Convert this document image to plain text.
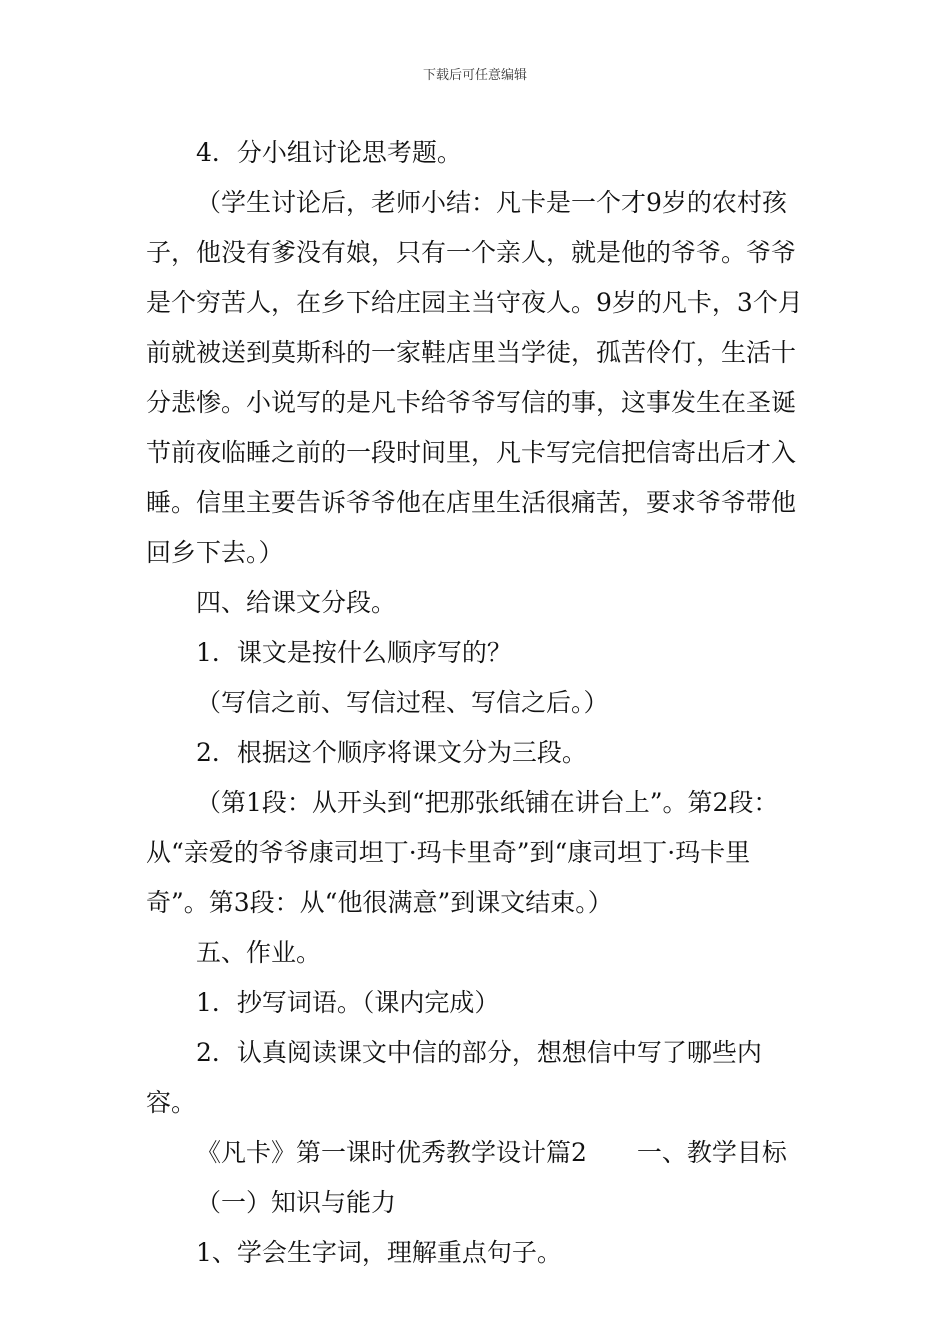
下载后可任意编辑

4．分小组讨论思考题。

（学生讨论后，老师小结：凡卡是一个才9岁的农村孩子，他没有爹没有娘，只有一个亲人，就是他的爷爷。爷爷是个穷苦人，在乡下给庄园主当守夜人。9岁的凡卡，3个月前就被送到莫斯科的一家鞋店里当学徒，孤苦伶仃，生活十分悲惨。小说写的是凡卡给爷爷写信的事，这事发生在圣诞节前夜临睡之前的一段时间里，凡卡写完信把信寄出后才入睡。信里主要告诉爷爷他在店里生活很痛苦，要求爷爷带他回乡下去。）

四、给课文分段。

1．课文是按什么顺序写的？

（写信之前、写信过程、写信之后。）

2．根据这个顺序将课文分为三段。

（第1段：从开头到“把那张纸铺在讲台上”。第2段：从“亲爱的爷爷康司坦丁·玛卡里奇”到“康司坦丁·玛卡里奇”。第3段：从“他很满意”到课文结束。）

五、作业。

1．抄写词语。（课内完成）

2．认真阅读课文中信的部分，想想信中写了哪些内容。

《凡卡》第一课时优秀教学设计篇2　　一、教学目标

（一）知识与能力

1、学会生字词，理解重点句子。
